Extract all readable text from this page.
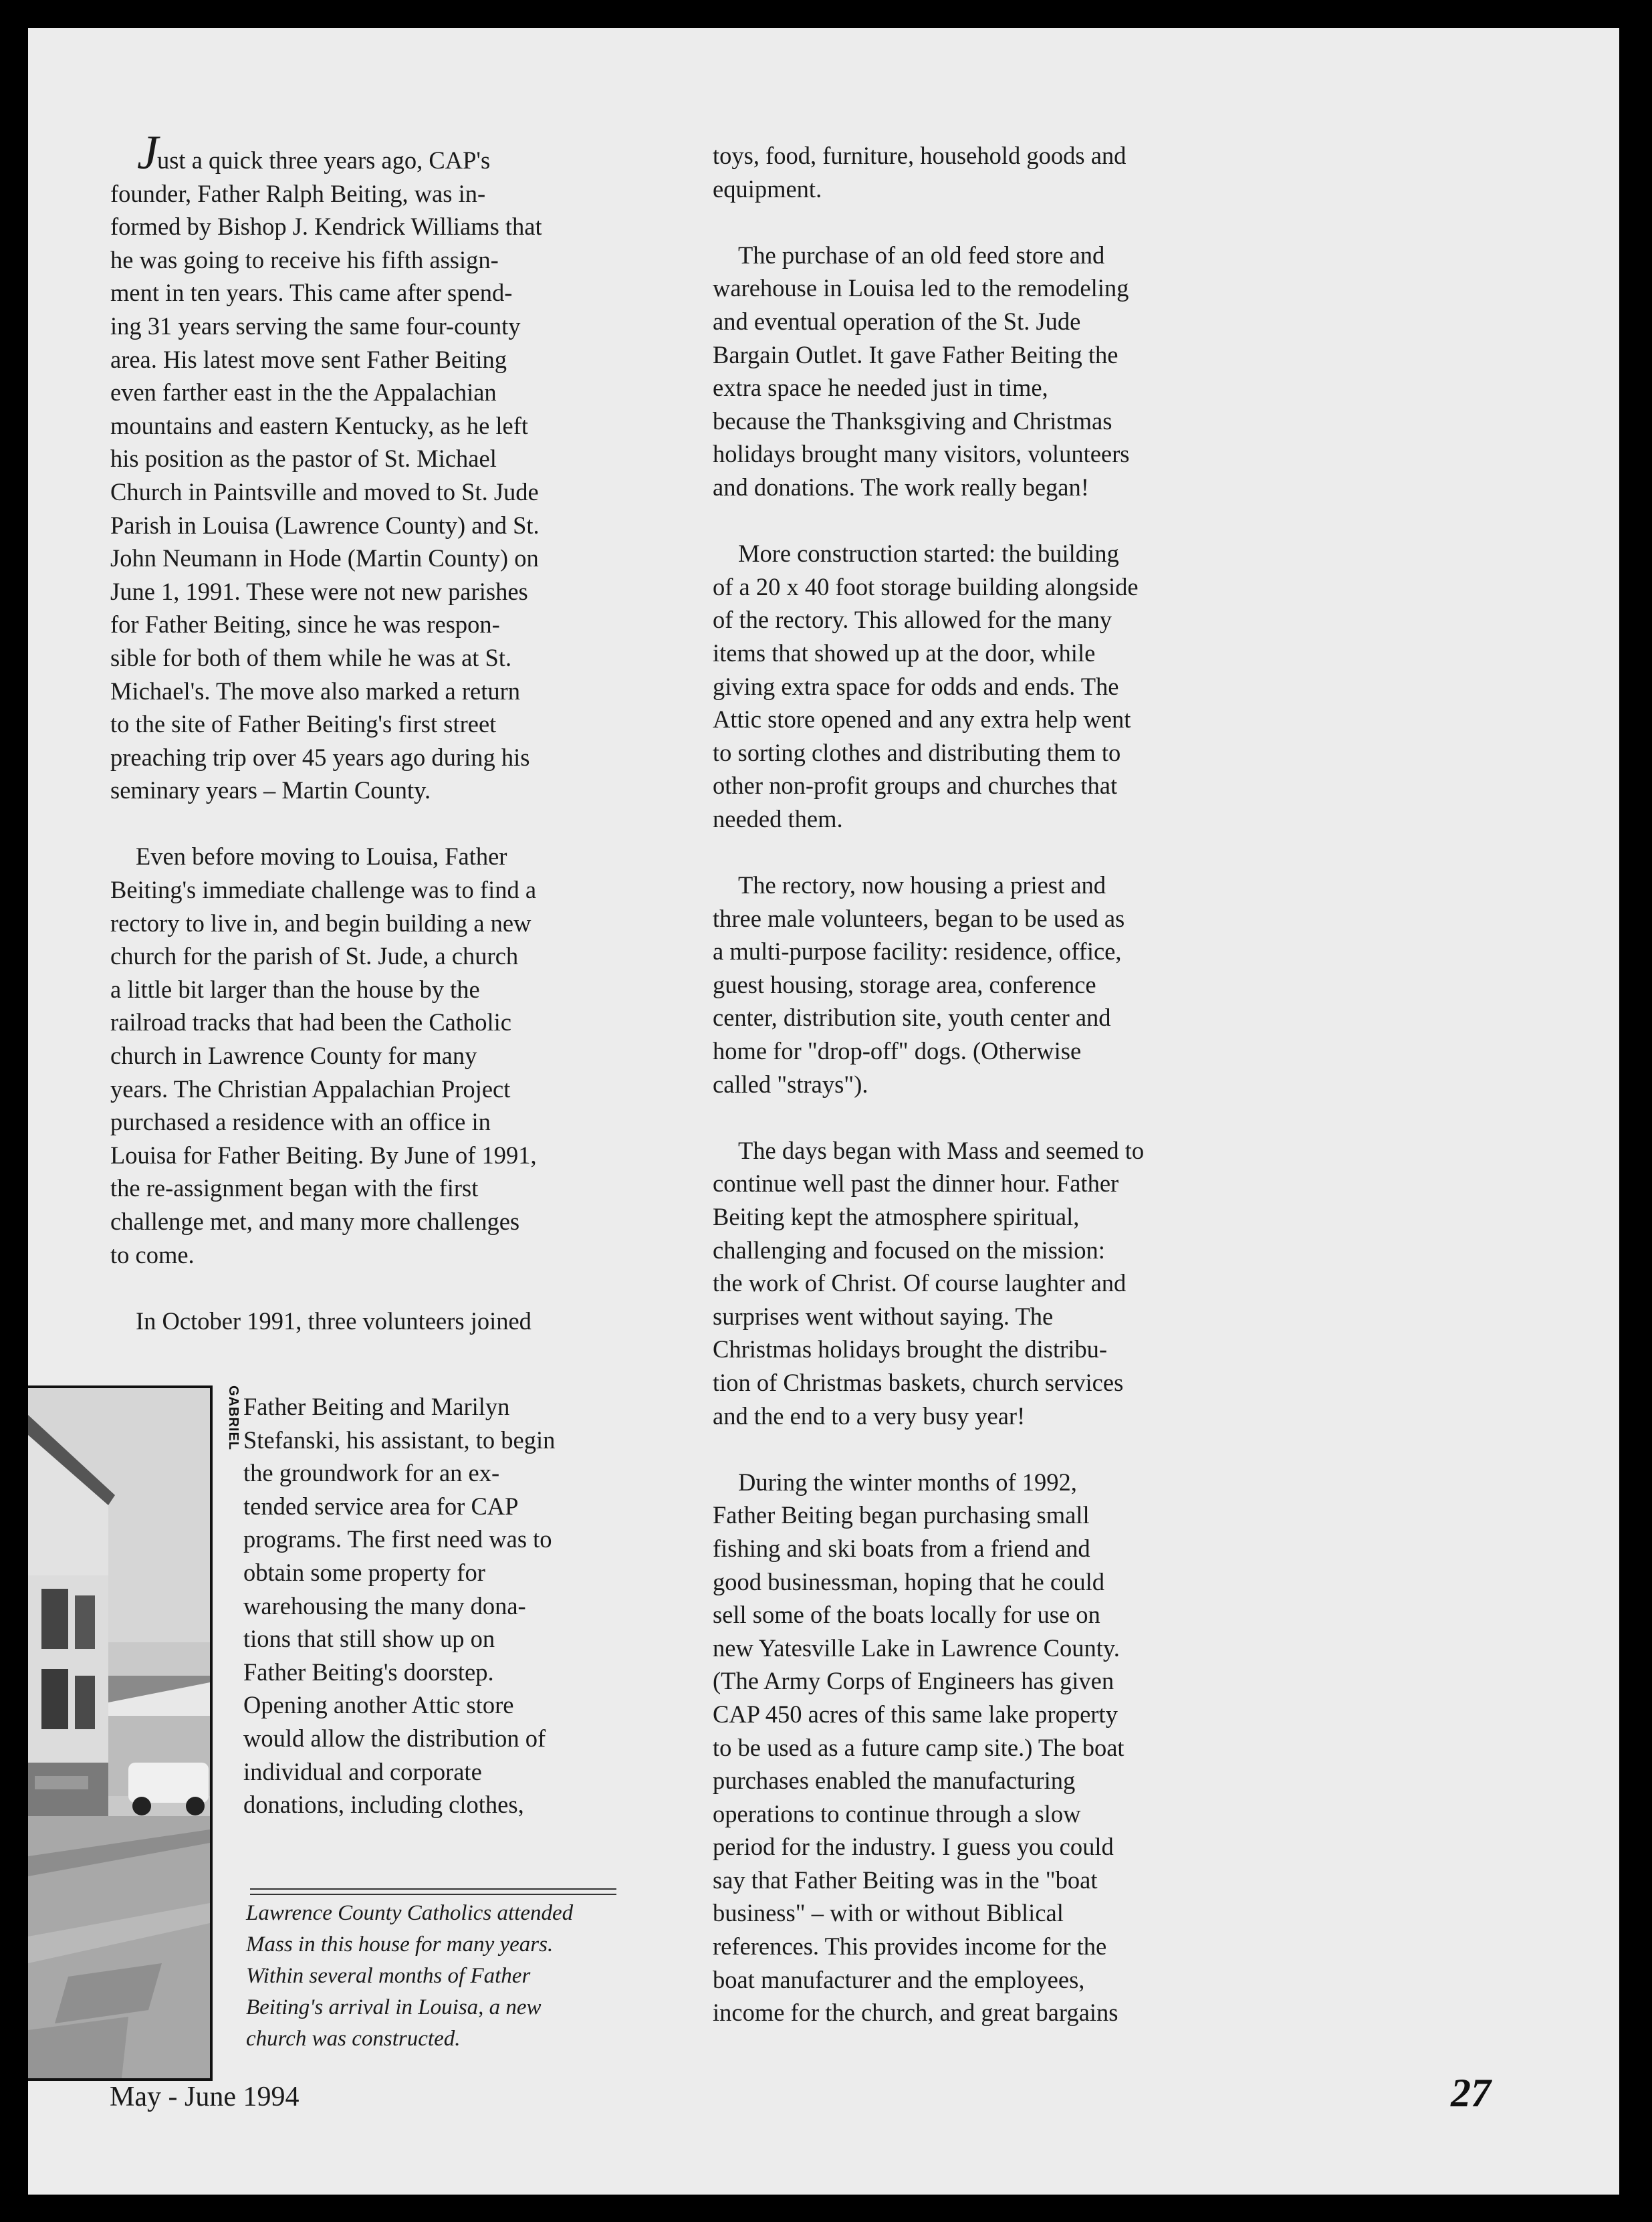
Just a quick three years ago, CAP's

founder, Father Ralph Beiting, was in-

formed by Bishop J. Kendrick Williams that

he was going to receive his fifth assign-

ment in ten years. This came after spend-

ing 31 years serving the same four-county

area. His latest move sent Father Beiting

even farther east in the the Appalachian

mountains and eastern Kentucky, as he left

his position as the pastor of St. Michael

Church in Paintsville and moved to St. Jude

Parish in Louisa (Lawrence County) and St.

John Neumann in Hode (Martin County) on

June 1, 1991. These were not new parishes

for Father Beiting, since he was respon-

sible for both of them while he was at St.

Michael's. The move also marked a return

to the site of Father Beiting's first street

preaching trip over 45 years ago during his

seminary years – Martin County.

Even before moving to Louisa, Father

Beiting's immediate challenge was to find a

rectory to live in, and begin building a new

church for the parish of St. Jude, a church

a little bit larger than the house by the

railroad tracks that had been the Catholic

church in Lawrence County for many

years. The Christian Appalachian Project

purchased a residence with an office in

Louisa for Father Beiting. By June of 1991,

the re-assignment began with the first

challenge met, and many more challenges

to come.

In October 1991, three volunteers joined

Father Beiting and Marilyn

Stefanski, his assistant, to begin

the groundwork for an ex-

tended service area for CAP

programs. The first need was to

obtain some property for

warehousing the many dona-

tions that still show up on

Father Beiting's doorstep.

Opening another Attic store

would allow the distribution of

individual and corporate

donations, including clothes,

toys, food, furniture, household goods and

equipment.

The purchase of an old feed store and

warehouse in Louisa led to the remodeling

and eventual operation of the St. Jude

Bargain Outlet. It gave Father Beiting the

extra space he needed just in time,

because the Thanksgiving and Christmas

holidays brought many visitors, volunteers

and donations. The work really began!

More construction started: the building

of a 20 x 40 foot storage building alongside

of the rectory. This allowed for the many

items that showed up at the door, while

giving extra space for odds and ends. The

Attic store opened and any extra help went

to sorting clothes and distributing them to

other non-profit groups and churches that

needed them.

The rectory, now housing a priest and

three male volunteers, began to be used as

a multi-purpose facility: residence, office,

guest housing, storage area, conference

center, distribution site, youth center and

home for "drop-off" dogs. (Otherwise

called "strays").

The days began with Mass and seemed to

continue well past the dinner hour. Father

Beiting kept the atmosphere spiritual,

challenging and focused on the mission:

the work of Christ. Of course laughter and

surprises went without saying. The

Christmas holidays brought the distribu-

tion of Christmas baskets, church services

and the end to a very busy year!

During the winter months of 1992,

Father Beiting began purchasing small

fishing and ski boats from a friend and

good businessman, hoping that he could

sell some of the boats locally for use on

new Yatesville Lake in Lawrence County.

(The Army Corps of Engineers has given

CAP 450 acres of this same lake property

to be used as a future camp site.) The boat

purchases enabled the manufacturing

operations to continue through a slow

period for the industry. I guess you could

say that Father Beiting was in the "boat

business" – with or without Biblical

references. This provides income for the

boat manufacturer and the employees,

income for the church, and great bargains

GABRIEL

Lawrence County Catholics attended

Mass in this house for many years.

Within several months of Father

Beiting's arrival in Louisa, a new

church was constructed.

May - June 1994	27
